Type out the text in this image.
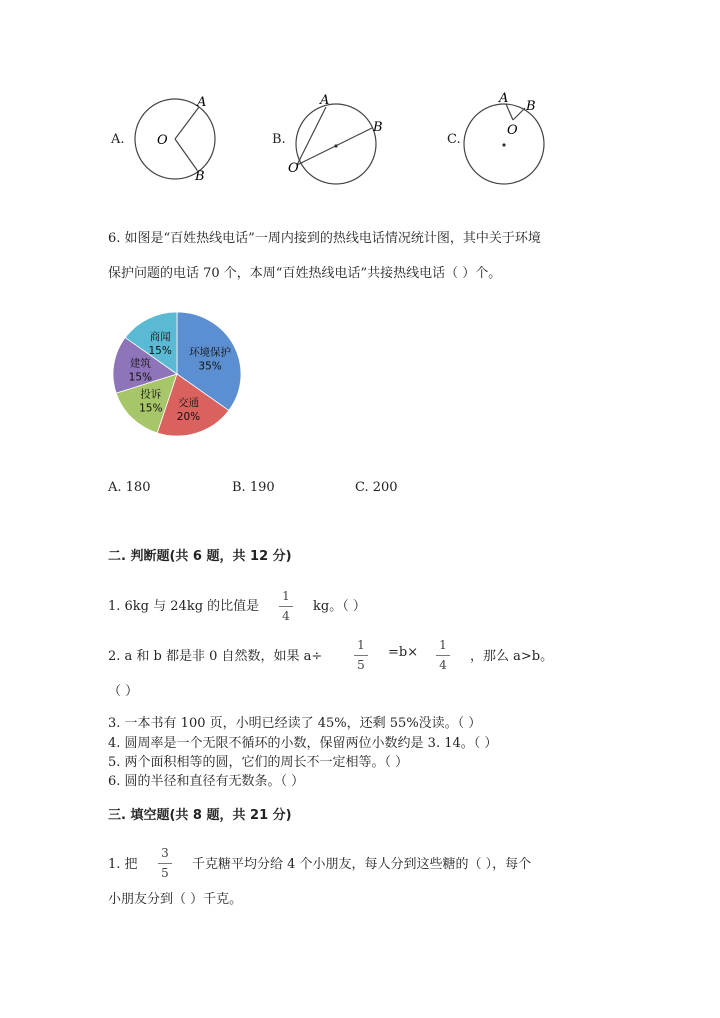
A.	B.	C.
O
A
B
O
A
B
A
B
O
6. 如图是“百姓热线电话”一周内接到的热线电话情况统计图，其中关于环境
保护问题的电话 70 个，本周“百姓热线电话”共接热线电话（ ）个。
环境保护
35%
交通
20%
投诉
15%
建筑
15%
商闻
15%
A. 180	B. 190	C. 200
二. 判断题(共 6 题，共 12 分)
1. 6kg 与 24kg 的比值是
1
4
kg。（ ）
2. a 和 b 都是非 0 自然数，如果 a÷
1
5
=b×	1
4
，那么 a>b。
（ ）
3. 一本书有 100 页，小明已经读了 45%，还剩 55%没读。（ ）
4. 圆周率是一个无限不循环的小数，保留两位小数约是 3. 14。（ ）
5. 两个面积相等的圆，它们的周长不一定相等。（ ）
6. 圆的半径和直径有无数条。（ ）
三. 填空题(共 8 题，共 21 分)
1. 把
3
5
千克糖平均分给 4 个小朋友，每人分到这些糖的（ ），每个
小朋友分到（ ）千克。
